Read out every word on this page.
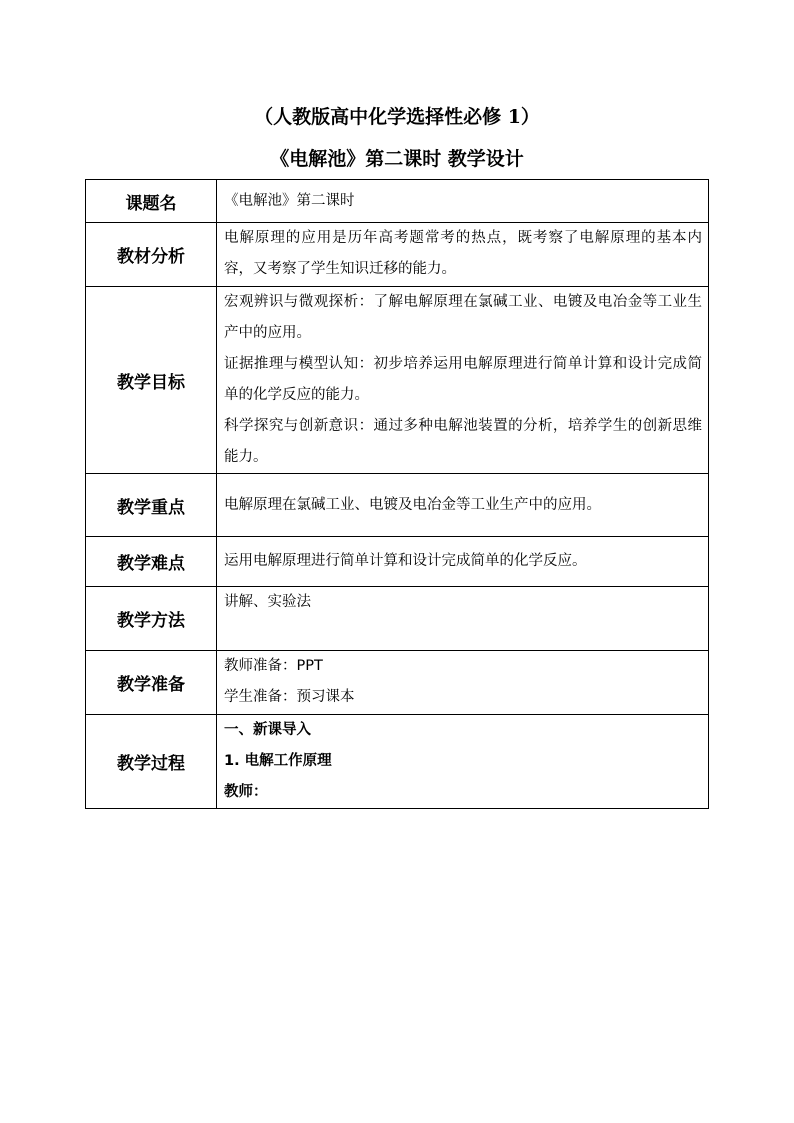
（人教版高中化学选择性必修 1）
《电解池》第二课时 教学设计
课题名	《电解池》第二课时

教材分析	电解原理的应用是历年高考题常考的热点，既考察了电解原理的基本内容，又考察了学生知识迁移的能力。

教学目标	宏观辨识与微观探析：了解电解原理在氯碱工业、电镀及电冶金等工业生产中的应用。

证据推理与模型认知：初步培养运用电解原理进行简单计算和设计完成简单的化学反应的能力。

科学探究与创新意识：通过多种电解池装置的分析，培养学生的创新思维能力。

教学重点	电解原理在氯碱工业、电镀及电冶金等工业生产中的应用。

教学难点	运用电解原理进行简单计算和设计完成简单的化学反应。

教学方法	讲解、实验法

教学准备	教师准备：PPT

学生准备：预习课本

教学过程	一、新课导入

1. 电解工作原理

教师：
